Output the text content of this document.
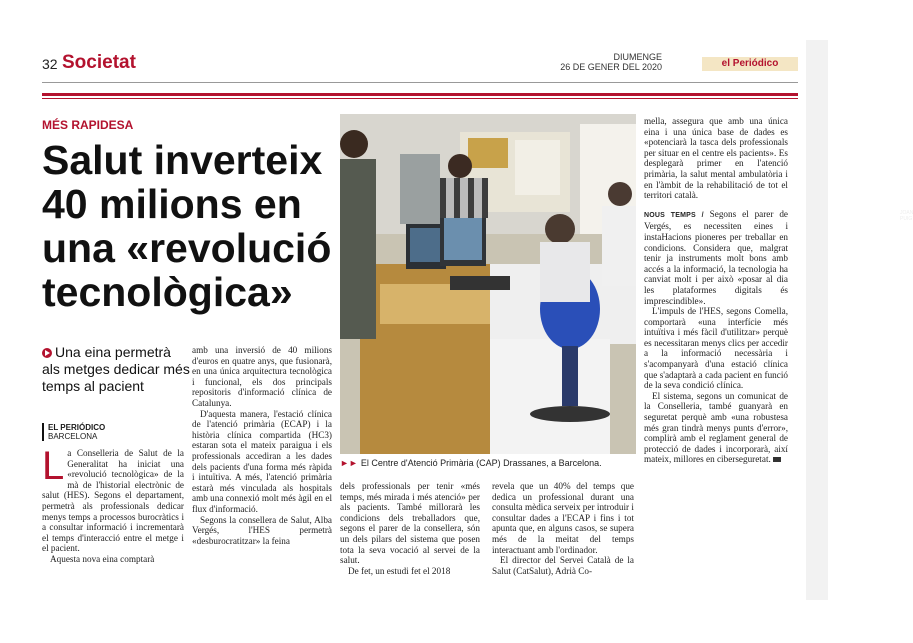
32 Societat	DIUMENGE
26 DE GENER DEL 2020	el Periódico
MÉS RAPIDESA
Salut inverteix 40 milions en una «revolució tecnològica»
Una eina permetrà als metges dedicar més temps al pacient
EL PERIÓDICO
BARCELONA

La Conselleria de Salut de la Generalitat ha iniciat una «revolució tecnològica» de la mà de l'historial electrònic de salut (HES). Segons el departament, permetrà als professionals dedicar menys temps a processos burocràtics i a consultar informació i incrementarà el temps d'interacció entre el metge i el pacient.

Aquesta nova eina comptarà

amb una inversió de 40 milions d'euros en quatre anys, que fusionarà, en una única arquitectura tecnològica i funcional, els dos principals repositoris d'informació clínica de Catalunya.

D'aquesta manera, l'estació clínica de l'atenció primària (ECAP) i la història clínica compartida (HC3) estaran sota el mateix paraigua i els professionals accediran a les dades dels pacients d'una forma més ràpida i intuïtiva. A més, l'atenció primària estarà més vinculada als hospitals amb una connexió molt més àgil en el flux d'informació.

Segons la consellera de Salut, Alba Vergés, l'HES permetrà «desburocratitzar» la feina

JOAN PUIG
►► El Centre d'Atenció Primària (CAP) Drassanes, a Barcelona.

dels professionals per tenir «més temps, més mirada i més atenció» per als pacients. També millorarà les condicions dels treballadors que, segons el parer de la consellera, són un dels pilars del sistema que posen tota la seva vocació al servei de la salut.

De fet, un estudi fet el 2018

revela que un 40% del temps que dedica un professional durant una consulta mèdica serveix per introduir i consultar dades a l'ECAP i fins i tot apunta que, en alguns casos, se supera més de la meitat del temps interactuant amb l'ordinador.

El director del Servei Català de la Salut (CatSalut), Adrià Co-

mella, assegura que amb una única eina i una única base de dades es «potenciarà la tasca dels professionals per situar en el centre els pacients». Es desplegarà primer en l'atenció primària, la salut mental ambulatòria i en l'àmbit de la rehabilitació de tot el territori català.

NOUS TEMPS / Segons el parer de Vergés, es necessiten eines i instaHacions pioneres per treballar en condicions. Considera que, malgrat tenir ja instruments molt bons amb accés a la informació, la tecnologia ha canviat molt i per això «posar al dia les plataformes digitals és imprescindible».

L'impuls de l'HES, segons Comella, comportarà «una interfície més intuïtiva i més fàcil d'utilitzar» perquè es necessitaran menys clics per accedir a la informació necessària i s'acompanyarà d'una estació clínica que s'adaptarà a cada pacient en funció de la seva condició clínica.

El sistema, segons un comunicat de la Conselleria, també guanyarà en seguretat perquè amb «una robustesa més gran tindrà menys punts d'error», complirà amb el reglament general de protecció de dades i incorporarà, així mateix, millores en ciberseguretat.
